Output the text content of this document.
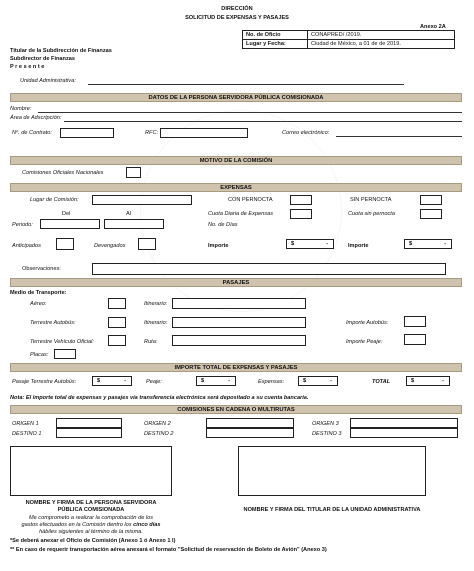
DIRECCIÓN
SOLICITUD DE EXPENSAS Y PASAJES
Anexo 2A
No. de Oficio	CONAPRED/ /2019.
Lugar y Fecha:	Ciudad de México, a 01 de de 2019.
Titular de la Subdirección de Finanzas
Subdirector de Finanzas
P r e s e n t e
Unidad Administrativa:
DATOS DE LA PERSONA SERVIDORA PÚBLICA COMISIONADA
Nombre:
Área de Adscripción:
Nº. de Contrato:	RFC:	Correo electrónico:
MOTIVO DE LA COMISIÓN
Comisiones Oficiales Nacionales
EXPENSAS
Lugar de Comisión:	CON PERNOCTA	SIN PERNOCTA
Del	Al	Cuota Diaria de Expensas	Cuota sin pernocta
Periodo:	No. de Días
Anticipados	Devengados	Importe	$	-	Importe	$	-
Observaciones:
PASAJES
Medio de Transporte:
Aéreo:	Itinerario:
Terrestre Autobús:	Itinerario:	Importe Autobús:
Terrestre Vehículo Oficial:	Ruta:	Importe Peaje:
Placas:
IMPORTE TOTAL DE EXPENSAS Y PASAJES
Pasaje Terrestre Autobús:	$	-	Peaje:	$	-	Expensas:	$	-	TOTAL	$	-
Nota: El importe total de expensas y pasajes vía transferencia electrónica será depositado a su cuenta bancaria.
COMISIONES EN CADENA O MULTIRUTAS
ORIGEN 1	ORIGEN 2	ORIGEN 3
DESTINO 1	DESTINO 2	DESTINO 3
NOMBRE Y FIRMA DE LA PERSONA SERVIDORA
PÚBLICA COMISIONADA	NOMBRE Y FIRMA DEL TITULAR DE LA UNIDAD ADMINISTRATIVA
Me comprometo a realizar la comprobación de los
gastos efectuados en la Comisión dentro los cinco días
hábiles siguientes al término de la misma.
*Se deberá anexar el Oficio de Comisión (Anexo 1 ó Anexo 1 I)
** En caso de requerir transportación aérea anexará el formato "Solicitud de reservación de Boleto de Avión" (Anexo 3)
